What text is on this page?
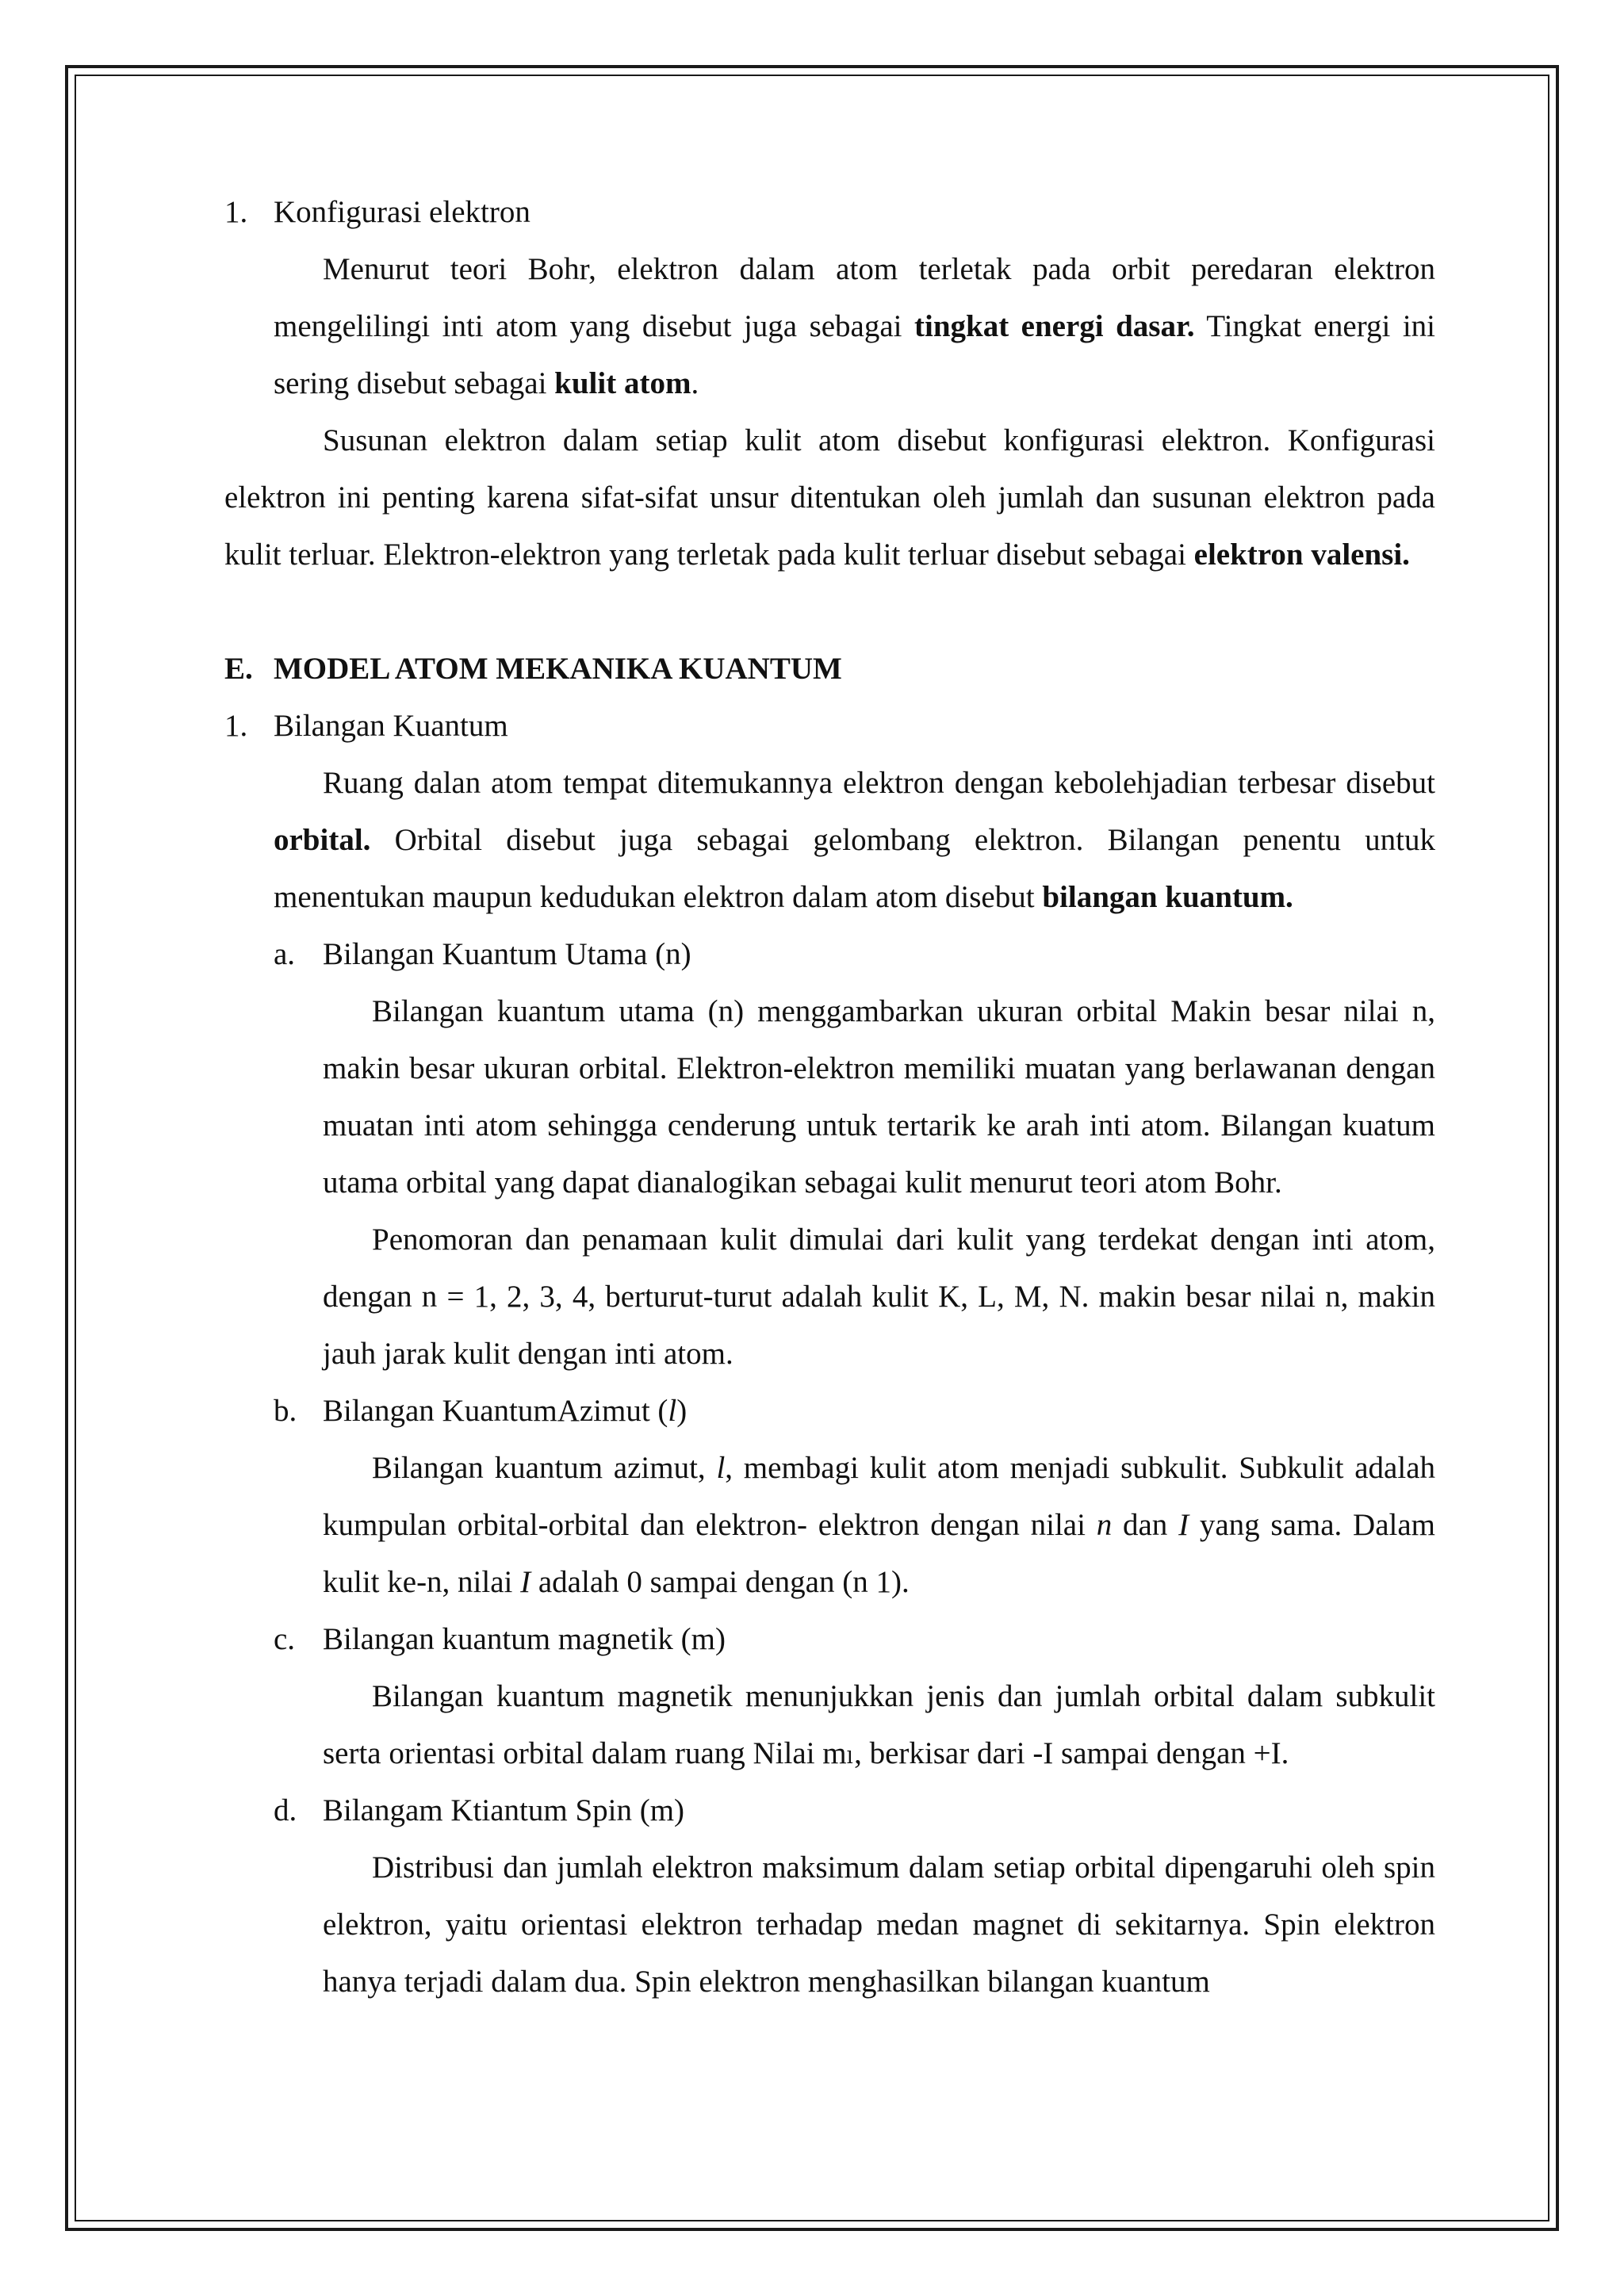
1. Konfigurasi elektron

Menurut teori Bohr, elektron dalam atom terletak pada orbit peredaran elektron mengelilingi inti atom yang disebut juga sebagai tingkat energi dasar. Tingkat energi ini sering disebut sebagai kulit atom.

Susunan elektron dalam setiap kulit atom disebut konfigurasi elektron. Konfigurasi elektron ini penting karena sifat-sifat unsur ditentukan oleh jumlah dan susunan elektron pada kulit terluar. Elektron-elektron yang terletak pada kulit terluar disebut sebagai elektron valensi.

E. MODEL ATOM MEKANIKA KUANTUM

1. Bilangan Kuantum

Ruang dalan atom tempat ditemukannya elektron dengan kebolehjadian terbesar disebut orbital. Orbital disebut juga sebagai gelombang elektron. Bilangan penentu untuk menentukan maupun kedudukan elektron dalam atom disebut bilangan kuantum.

a. Bilangan Kuantum Utama (n)

Bilangan kuantum utama (n) menggambarkan ukuran orbital Makin besar nilai n, makin besar ukuran orbital. Elektron-elektron memiliki muatan yang berlawanan dengan muatan inti atom sehingga cenderung untuk tertarik ke arah inti atom. Bilangan kuatum utama orbital yang dapat dianalogikan sebagai kulit menurut teori atom Bohr.

Penomoran dan penamaan kulit dimulai dari kulit yang terdekat dengan inti atom, dengan n = 1, 2, 3, 4, berturut-turut adalah kulit K, L, M, N. makin besar nilai n, makin jauh jarak kulit dengan inti atom.

b. Bilangan KuantumAzimut (l)

Bilangan kuantum azimut, l, membagi kulit atom menjadi subkulit. Subkulit adalah kumpulan orbital-orbital dan elektron- elektron dengan nilai n dan I yang sama. Dalam kulit ke-n, nilai I adalah 0 sampai dengan (n 1).

c. Bilangan kuantum magnetik (m)

Bilangan kuantum magnetik menunjukkan jenis dan jumlah orbital dalam subkulit serta orientasi orbital dalam ruang Nilai mₗ, berkisar dari -I sampai dengan +I.

d. Bilangam Ktiantum Spin (m)

Distribusi dan jumlah elektron maksimum dalam setiap orbital dipengaruhi oleh spin elektron, yaitu orientasi elektron terhadap medan magnet di sekitarnya. Spin elektron hanya terjadi dalam dua. Spin elektron menghasilkan bilangan kuantum
